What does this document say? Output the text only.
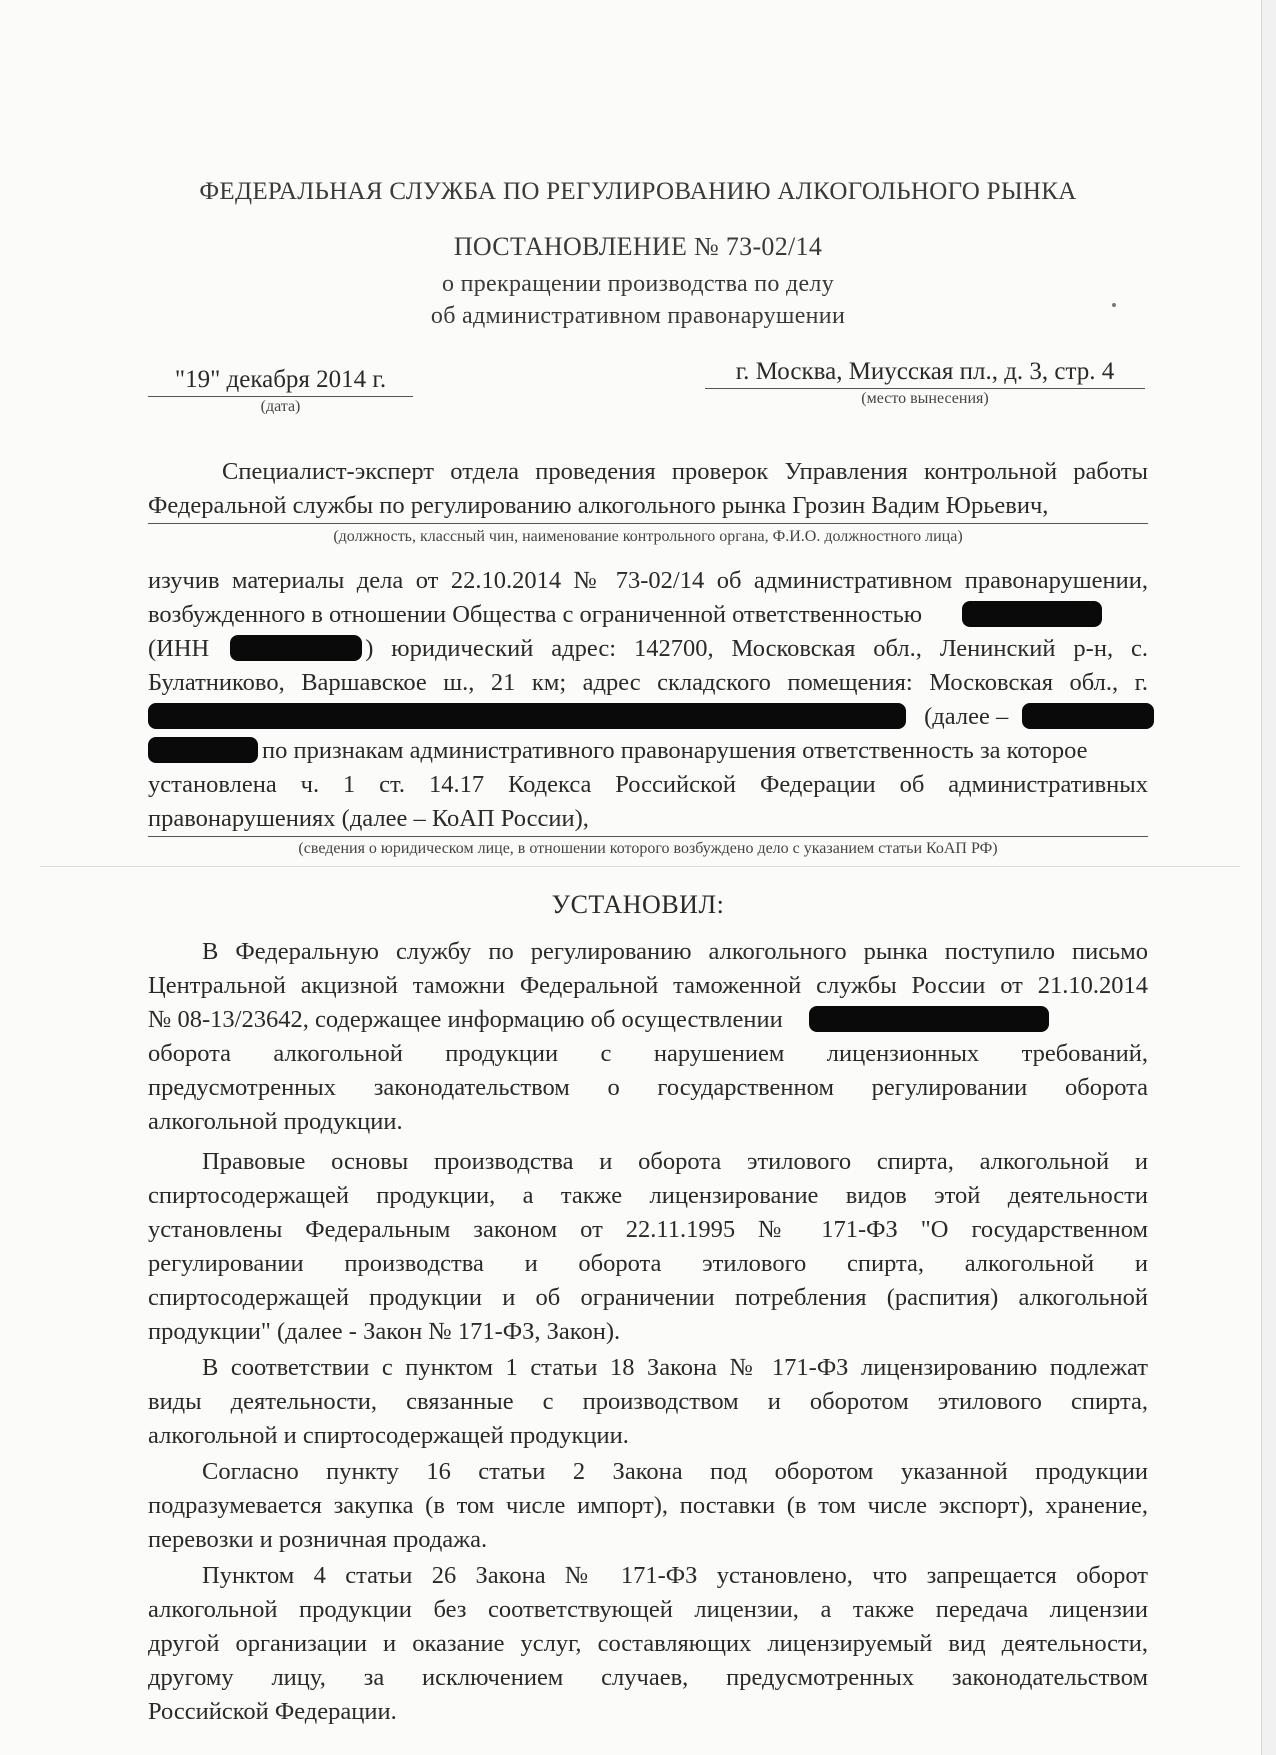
ФЕДЕРАЛЬНАЯ СЛУЖБА ПО РЕГУЛИРОВАНИЮ АЛКОГОЛЬНОГО РЫНКА
ПОСТАНОВЛЕНИЕ № 73-02/14
о прекращении производства по делу
об административном правонарушении
"19" декабря 2014 г.
(дата)
г. Москва, Миусская пл., д. 3, стр. 4
(место вынесения)
Специалист-эксперт отдела проведения проверок Управления контрольной работы
Федеральной службы по регулированию алкогольного рынка Грозин Вадим Юрьевич,
(должность, классный чин, наименование контрольного органа, Ф.И.О. должностного лица)
изучив материалы дела от 22.10.2014 № 73-02/14 об административном правонарушении,
возбужденного в отношении Общества с ограниченной ответственностью
(ИНН	) юридический адрес: 142700, Московская обл., Ленинский р-н, с.
Булатниково, Варшавское ш., 21 км; адрес складского помещения: Московская обл., г.
(далее –
по признакам административного правонарушения ответственность за которое
установлена ч. 1 ст. 14.17 Кодекса Российской Федерации об административных
правонарушениях (далее – КоАП России),
(сведения о юридическом лице, в отношении которого возбуждено дело с указанием статьи КоАП РФ)
УСТАНОВИЛ:
В Федеральную службу по регулированию алкогольного рынка поступило письмо
Центральной акцизной таможни Федеральной таможенной службы России от 21.10.2014
№ 08-13/23642, содержащее информацию об осуществлении
оборота алкогольной продукции с нарушением лицензионных требований,
предусмотренных законодательством о государственном регулировании оборота
алкогольной продукции.
Правовые основы производства и оборота этилового спирта, алкогольной и
спиртосодержащей продукции, а также лицензирование видов этой деятельности
установлены Федеральным законом от 22.11.1995 № 171-ФЗ "О государственном
регулировании производства и оборота этилового спирта, алкогольной и
спиртосодержащей продукции и об ограничении потребления (распития) алкогольной
продукции" (далее - Закон № 171-ФЗ, Закон).
В соответствии с пунктом 1 статьи 18 Закона № 171-ФЗ лицензированию подлежат
виды деятельности, связанные с производством и оборотом этилового спирта,
алкогольной и спиртосодержащей продукции.
Согласно пункту 16 статьи 2 Закона под оборотом указанной продукции
подразумевается закупка (в том числе импорт), поставки (в том числе экспорт), хранение,
перевозки и розничная продажа.
Пунктом 4 статьи 26 Закона № 171-ФЗ установлено, что запрещается оборот
алкогольной продукции без соответствующей лицензии, а также передача лицензии
другой организации и оказание услуг, составляющих лицензируемый вид деятельности,
другому лицу, за исключением случаев, предусмотренных законодательством
Российской Федерации.
